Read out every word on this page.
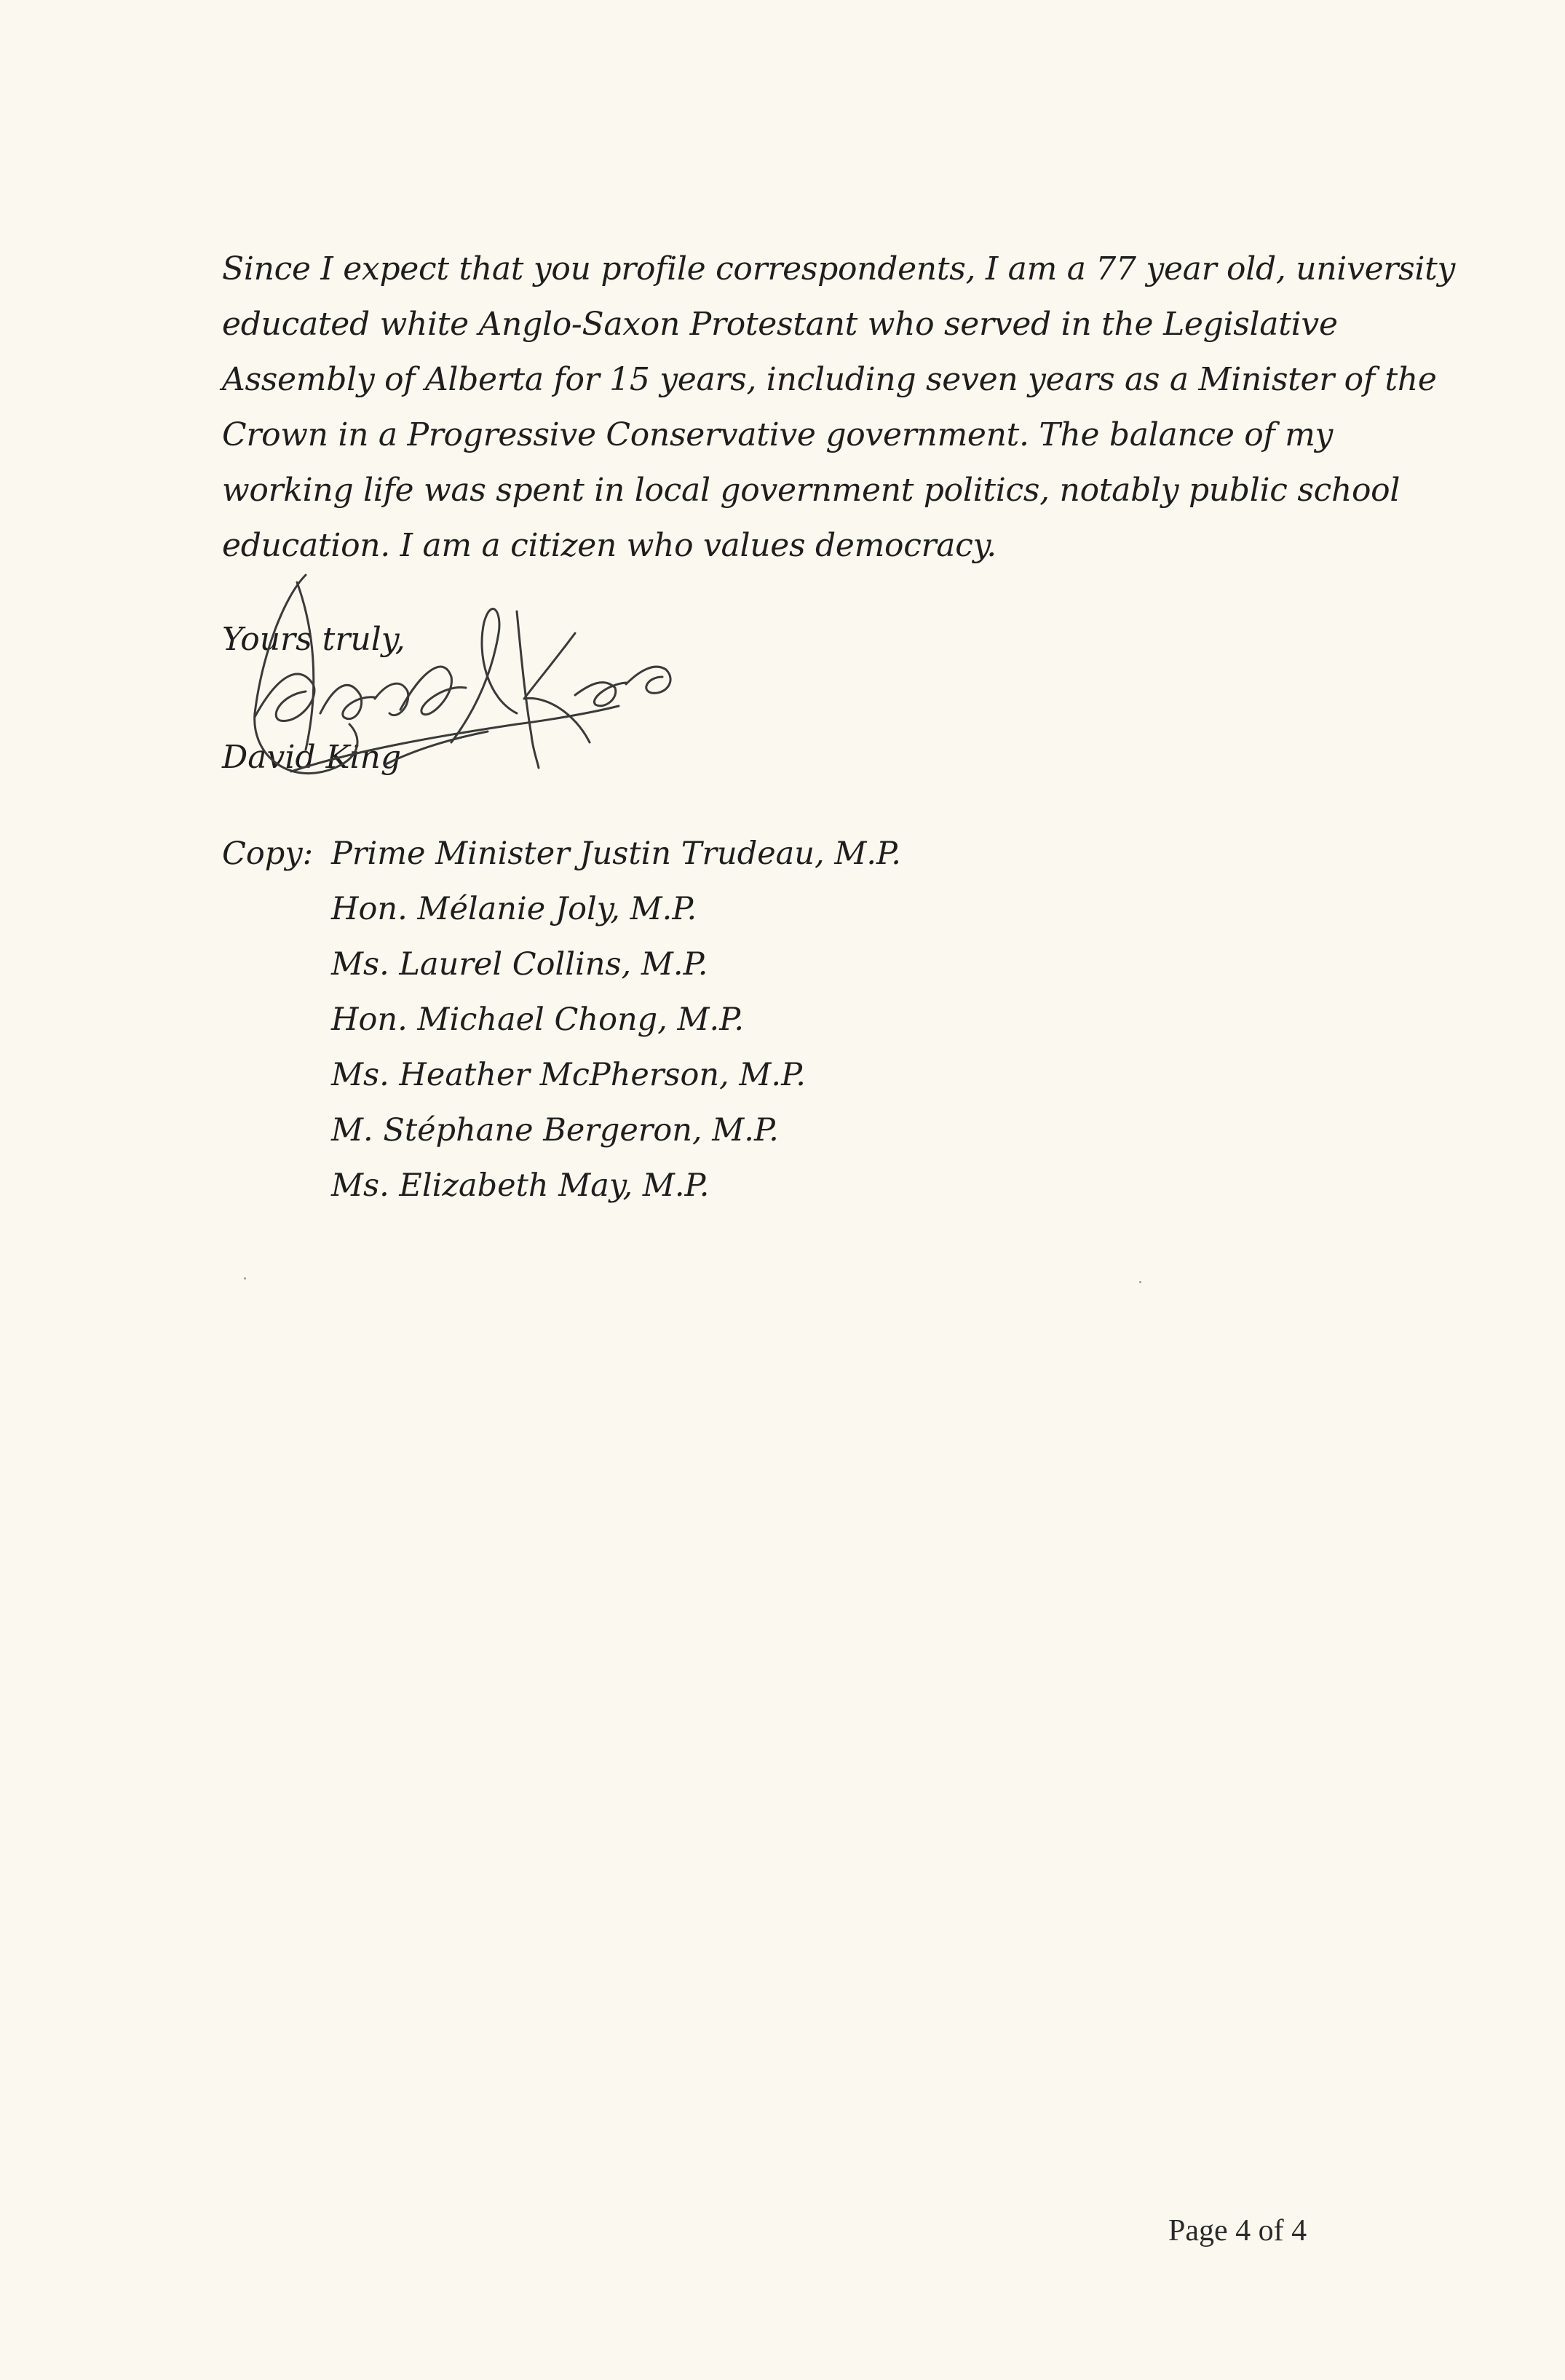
Since I expect that you profile correspondents, I am a 77 year old, university
educated white Anglo-Saxon Protestant who served in the Legislative
Assembly of Alberta for 15 years, including seven years as a Minister of the
Crown in a Progressive Conservative government. The balance of my
working life was spent in local government politics, notably public school
education. I am a citizen who values democracy.
Yours truly,
David King
Copy: Prime Minister Justin Trudeau, M.P.
Hon. Mélanie Joly, M.P.
Ms. Laurel Collins, M.P.
Hon. Michael Chong, M.P.
Ms. Heather McPherson, M.P.
M. Stéphane Bergeron, M.P.
Ms. Elizabeth May, M.P.
Page 4 of 4
